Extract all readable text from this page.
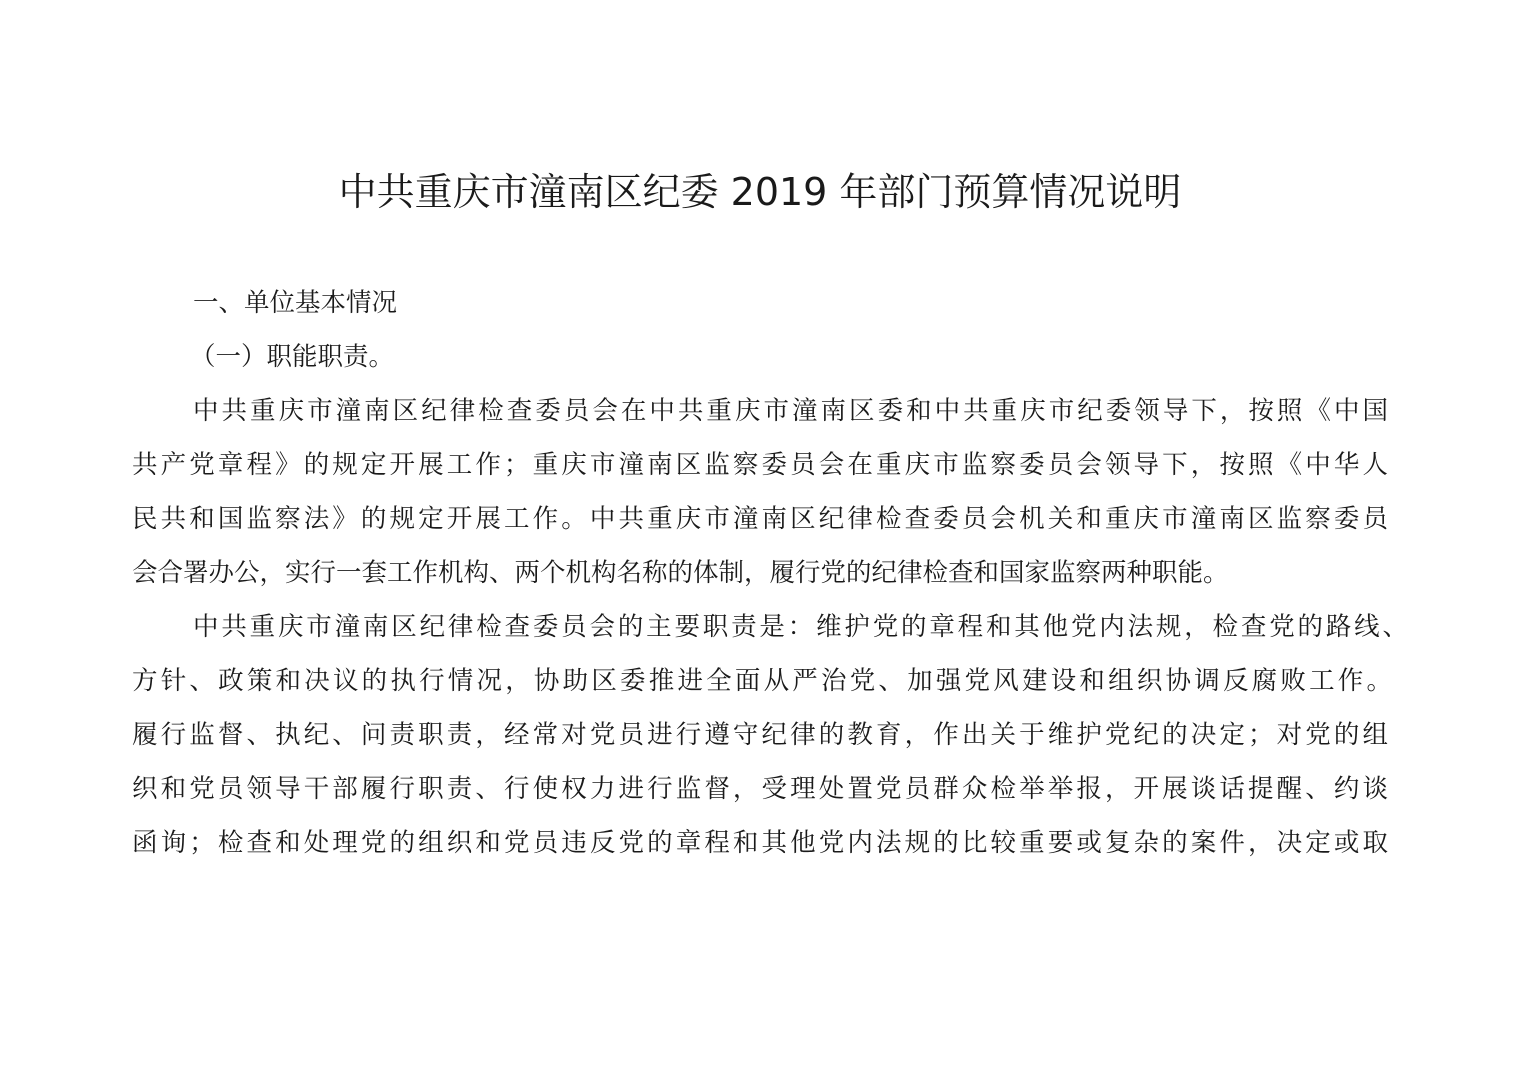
中共重庆市潼南区纪委 2019 年部门预算情况说明

一、单位基本情况

（一）职能职责。

中共重庆市潼南区纪律检查委员会在中共重庆市潼南区委和中共重庆市纪委领导下，按照《中国

共产党章程》的规定开展工作；重庆市潼南区监察委员会在重庆市监察委员会领导下，按照《中华人

民共和国监察法》的规定开展工作。中共重庆市潼南区纪律检查委员会机关和重庆市潼南区监察委员

会合署办公，实行一套工作机构、两个机构名称的体制，履行党的纪律检查和国家监察两种职能。

中共重庆市潼南区纪律检查委员会的主要职责是：维护党的章程和其他党内法规，检查党的路线、

方针、政策和决议的执行情况，协助区委推进全面从严治党、加强党风建设和组织协调反腐败工作。

履行监督、执纪、问责职责，经常对党员进行遵守纪律的教育，作出关于维护党纪的决定；对党的组

织和党员领导干部履行职责、行使权力进行监督，受理处置党员群众检举举报，开展谈话提醒、约谈

函询；检查和处理党的组织和党员违反党的章程和其他党内法规的比较重要或复杂的案件，决定或取
